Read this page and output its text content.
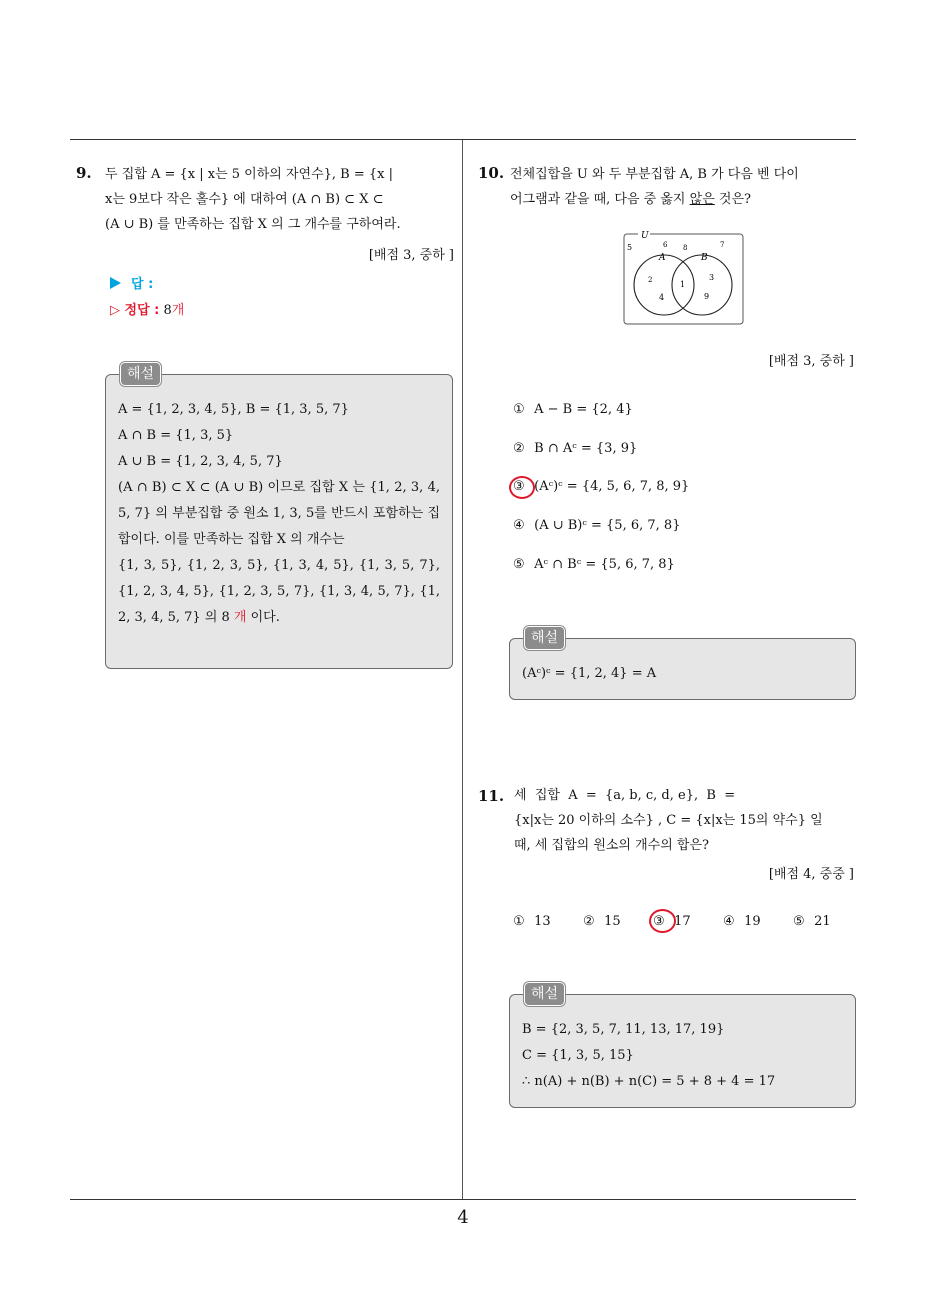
4
9. 두 집합 A = {x | x는 5 이하의 자연수}, B = {x |
x는 9보다 작은 홀수} 에 대하여 (A ∩ B) ⊂ X ⊂
(A ∪ B) 를 만족하는 집합 X 의 그 개수를 구하여라.
[배점 3, 중하 ]
답 :
▷ 정답 : 8개
해설
A = {1, 2, 3, 4, 5}, B = {1, 3, 5, 7}
A ∩ B = {1, 3, 5}
A ∪ B = {1, 2, 3, 4, 5, 7}
(A ∩ B) ⊂ X ⊂ (A ∪ B) 이므로 집합 X 는 {1, 2, 3, 4, 5, 7} 의 부분집합 중 원소 1, 3, 5를 반드시 포함하는 집합이다. 이를 만족하는 집합 X 의 개수는
{1, 3, 5}, {1, 2, 3, 5}, {1, 3, 4, 5}, {1, 3, 5, 7}, {1, 2, 3, 4, 5}, {1, 2, 3, 5, 7}, {1, 3, 4, 5, 7}, {1, 2, 3, 4, 5, 7} 의 8 개 이다.
10. 전체집합을 U 와 두 부분집합 A, B 가 다음 벤 다이
어그램과 같을 때, 다음 중 옳지 않은 것은?
U
A	B
5	6 8	7
2	1
3
4	9
[배점 3, 중하 ]
① A − B = {2, 4}
② B ∩ Aᶜ = {3, 9}
③ (Aᶜ)ᶜ = {4, 5, 6, 7, 8, 9}
④ (A ∪ B)ᶜ = {5, 6, 7, 8}
⑤ Aᶜ ∩ Bᶜ = {5, 6, 7, 8}
해설
(Aᶜ)ᶜ = {1, 2, 4} = A
11. 세  집합  A  =  {a, b, c, d, e},  B  =
{x|x는 20 이하의 소수} , C = {x|x는 15의 약수} 일
때, 세 집합의 원소의 개수의 합은?
[배점 4, 중중 ]
① 13 ② 15 ③ 17 ④ 19 ⑤ 21
해설
B = {2, 3, 5, 7, 11, 13, 17, 19}
C = {1, 3, 5, 15}
∴ n(A) + n(B) + n(C) = 5 + 8 + 4 = 17
